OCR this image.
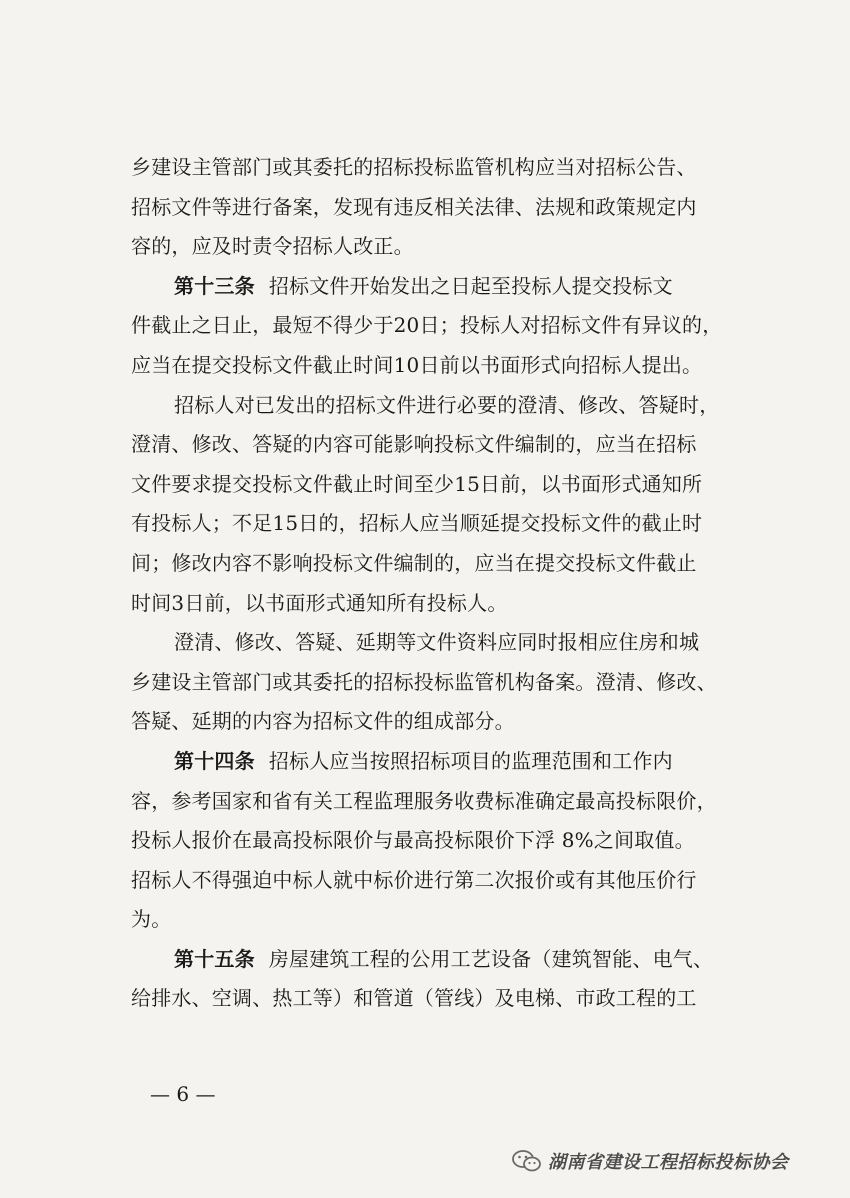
乡建设主管部门或其委托的招标投标监管机构应当对招标公告、
招标文件等进行备案，发现有违反相关法律、法规和政策规定内
容的，应及时责令招标人改正。
第十三条 招标文件开始发出之日起至投标人提交投标文
件截止之日止，最短不得少于20日；投标人对招标文件有异议的，
应当在提交投标文件截止时间10日前以书面形式向招标人提出。
招标人对已发出的招标文件进行必要的澄清、修改、答疑时，
澄清、修改、答疑的内容可能影响投标文件编制的，应当在招标
文件要求提交投标文件截止时间至少15日前，以书面形式通知所
有投标人；不足15日的，招标人应当顺延提交投标文件的截止时
间；修改内容不影响投标文件编制的，应当在提交投标文件截止
时间3日前，以书面形式通知所有投标人。
澄清、修改、答疑、延期等文件资料应同时报相应住房和城
乡建设主管部门或其委托的招标投标监管机构备案。澄清、修改、
答疑、延期的内容为招标文件的组成部分。
第十四条 招标人应当按照招标项目的监理范围和工作内
容，参考国家和省有关工程监理服务收费标准确定最高投标限价，
投标人报价在最高投标限价与最高投标限价下浮 8%之间取值。
招标人不得强迫中标人就中标价进行第二次报价或有其他压价行
为。
第十五条 房屋建筑工程的公用工艺设备（建筑智能、电气、
给排水、空调、热工等）和管道（管线）及电梯、市政工程的工
— 6 —
湖南省建设工程招标投标协会
